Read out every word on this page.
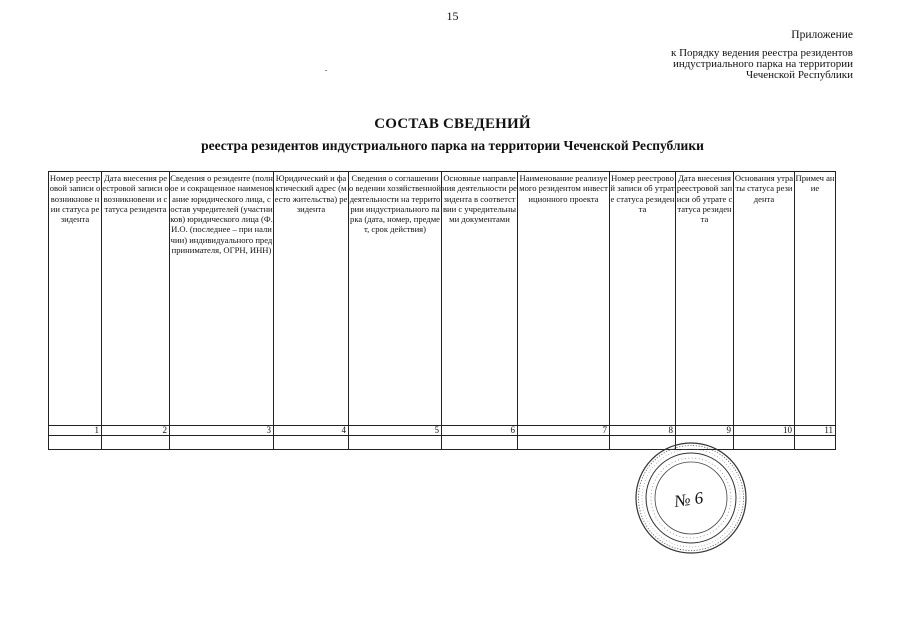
15
Приложение
к Порядку ведения реестра резидентов
индустриального парка на территории
Чеченской Республики
СОСТАВ СВЕДЕНИЙ
реестра резидентов индустриального парка на территории Чеченской Республики
Номер реестровой записи о возникнове нии статуса резидента	Дата внесения реестровой записи о возникновени и статуса резидента	Сведения о резиденте (полное и сокращенное наименование юридического лица, состав учредителей (участников) юридического лица (Ф.И.О. (последнее – при наличии) индивидуального предпринимателя, ОГРН, ИНН)	Юридический и фактический адрес (место жительства) резидента	Сведения о соглашении о ведении хозяйственной деятельности на территории индустриального парка (дата, номер, предмет, срок действия)	Основные направления деятельности резидента в соответствии с учредительны ми документами	Наименование реализуемого резидентом инвестиционного проекта	Номер реестровой записи об утрате статуса резидента	Дата внесения реестровой записи об утрате статуса резидента	Основания утраты статуса резидента	Примеч ание
1	2	3	4	5	6	7	8	9	10	11

№ 6
